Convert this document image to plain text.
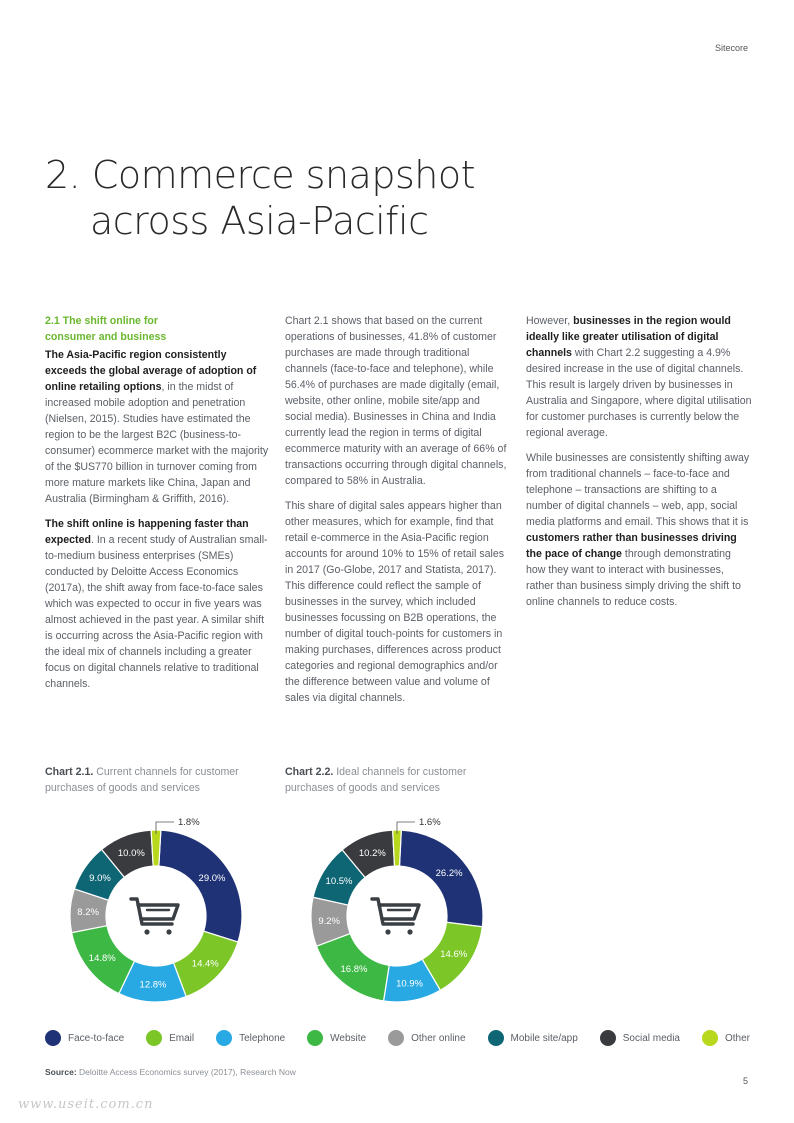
Sitecore
2. Commerce snapshot
across Asia-Pacific

2.1 The shift online for
consumer and business

The Asia-Pacific region consistently exceeds the global average of adoption of online retailing options, in the midst of increased mobile adoption and penetration (Nielsen, 2015). Studies have estimated the region to be the largest B2C (business-to-consumer) ecommerce market with the majority of the $US770 billion in turnover coming from more mature markets like China, Japan and Australia (Birmingham & Griffith, 2016).

The shift online is happening faster than expected. In a recent study of Australian small-to-medium business enterprises (SMEs) conducted by Deloitte Access Economics (2017a), the shift away from face-to-face sales which was expected to occur in five years was almost achieved in the past year. A similar shift is occurring across the Asia-Pacific region with the ideal mix of channels including a greater focus on digital channels relative to traditional channels.

Chart 2.1 shows that based on the current operations of businesses, 41.8% of customer purchases are made through traditional channels (face-to-face and telephone), while 56.4% of purchases are made digitally (email, website, other online, mobile site/app and social media). Businesses in China and India currently lead the region in terms of digital ecommerce maturity with an average of 66% of transactions occurring through digital channels, compared to 58% in Australia.

This share of digital sales appears higher than other measures, which for example, find that retail e-commerce in the Asia-Pacific region accounts for around 10% to 15% of retail sales in 2017 (Go-Globe, 2017 and Statista, 2017). This difference could reflect the sample of businesses in the survey, which included businesses focussing on B2B operations, the number of digital touch-points for customers in making purchases, differences across product categories and regional demographics and/or the difference between value and volume of sales via digital channels.

However, businesses in the region would ideally like greater utilisation of digital channels with Chart 2.2 suggesting a 4.9% desired increase in the use of digital channels. This result is largely driven by businesses in Australia and Singapore, where digital utilisation for customer purchases is currently below the regional average.

While businesses are consistently shifting away from traditional channels – face-to-face and telephone – transactions are shifting to a number of digital channels – web, app, social media platforms and email. This shows that it is customers rather than businesses driving the pace of change through demonstrating how they want to interact with businesses, rather than business simply driving the shift to online channels to reduce costs.

Chart 2.1. Current channels for customer purchases of goods and services
Chart 2.2. Ideal channels for customer purchases of goods and services
29.0%
14.4%
12.8%
14.8%
8.2%
9.0%
10.0%
1.8%
26.2%
14.6%
10.9%
16.8%
9.2%
10.5%
10.2%
1.6%
Face-to-face	Email	Telephone	Website	Other online	Mobile site/app	Social media	Other
Source: Deloitte Access Economics survey (2017), Research Now
5
www.useit.com.cn
